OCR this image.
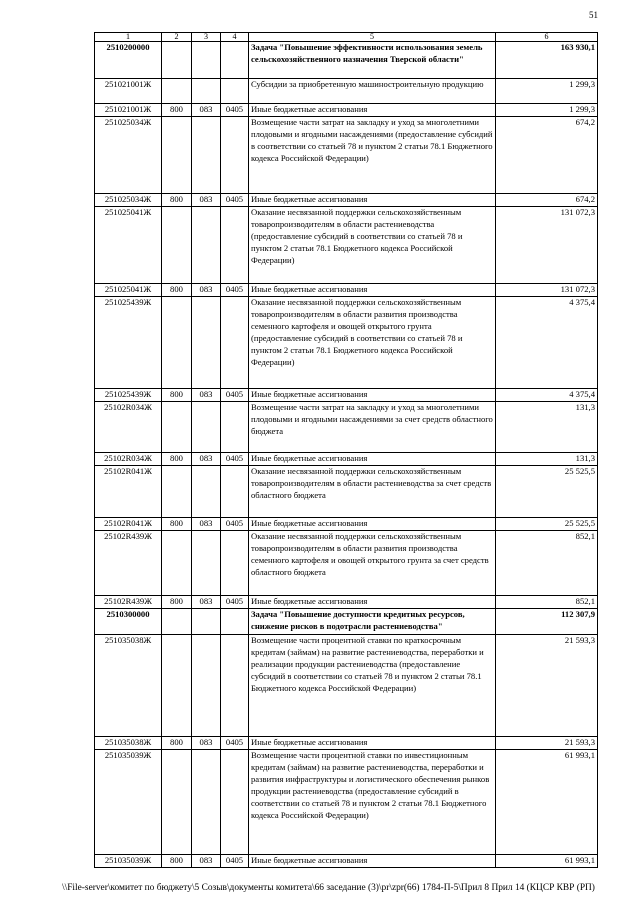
51
1	2	3	4	5	6
2510200000				Задача "Повышение эффективности использования земель сельскохозяйственного назначения Тверской области"	163 930,1
251021001Ж				Субсидии за приобретенную машиностроительную продукцию	1 299,3
251021001Ж	800	083	0405	Иные бюджетные ассигнования	1 299,3
251025034Ж				Возмещение части затрат на закладку и уход за многолетними плодовыми и ягодными насаждениями (предоставление субсидий в соответствии со статьей 78 и пунктом 2 статьи 78.1 Бюджетного кодекса Российской Федерации)	674,2
251025034Ж	800	083	0405	Иные бюджетные ассигнования	674,2
251025041Ж				Оказание несвязанной поддержки сельскохозяйственным товаропроизводителям в области растениеводства (предоставление субсидий в соответствии со статьей 78 и пунктом 2 статьи 78.1 Бюджетного кодекса Российской Федерации)	131 072,3
251025041Ж	800	083	0405	Иные бюджетные ассигнования	131 072,3
251025439Ж				Оказание несвязанной поддержки сельскохозяйственным товаропроизводителям в области развития производства семенного картофеля и овощей открытого грунта (предоставление субсидий в соответствии со статьей 78 и пунктом 2 статьи 78.1 Бюджетного кодекса Российской Федерации)	4 375,4
251025439Ж	800	083	0405	Иные бюджетные ассигнования	4 375,4
25102R034Ж				Возмещение части затрат на закладку и уход за многолетними плодовыми и ягодными насаждениями за счет средств областного бюджета	131,3
25102R034Ж	800	083	0405	Иные бюджетные ассигнования	131,3
25102R041Ж				Оказание несвязанной поддержки сельскохозяйственным товаропроизводителям в области растениеводства за счет средств областного бюджета	25 525,5
25102R041Ж	800	083	0405	Иные бюджетные ассигнования	25 525,5
25102R439Ж				Оказание несвязанной поддержки сельскохозяйственным товаропроизводителям в области развития производства семенного картофеля и овощей открытого грунта за счет средств областного бюджета	852,1
25102R439Ж	800	083	0405	Иные бюджетные ассигнования	852,1
2510300000				Задача "Повышение доступности кредитных ресурсов, снижение рисков в подотрасли растениеводства"	112 307,9
251035038Ж				Возмещение части процентной ставки по краткосрочным кредитам (займам) на развитие растениеводства, переработки и реализации продукции растениеводства (предоставление субсидий в соответствии со статьей 78 и пунктом 2 статьи 78.1 Бюджетного кодекса Российской Федерации)	21 593,3
251035038Ж	800	083	0405	Иные бюджетные ассигнования	21 593,3
251035039Ж				Возмещение части процентной ставки по инвестиционным кредитам (займам) на развитие растениеводства, переработки и развития инфраструктуры и логистического обеспечения рынков продукции растениеводства (предоставление субсидий в соответствии со статьей 78 и пунктом 2 статьи 78.1 Бюджетного кодекса Российской Федерации)	61 993,1
251035039Ж	800	083	0405	Иные бюджетные ассигнования	61 993,1
\\File-server\комитет по бюджету\5 Созыв\документы комитета\66 заседание (3)\pr\zpr(66) 1784-П-5\Прил 8 Прил 14 (КЦСР КВР (РП)
